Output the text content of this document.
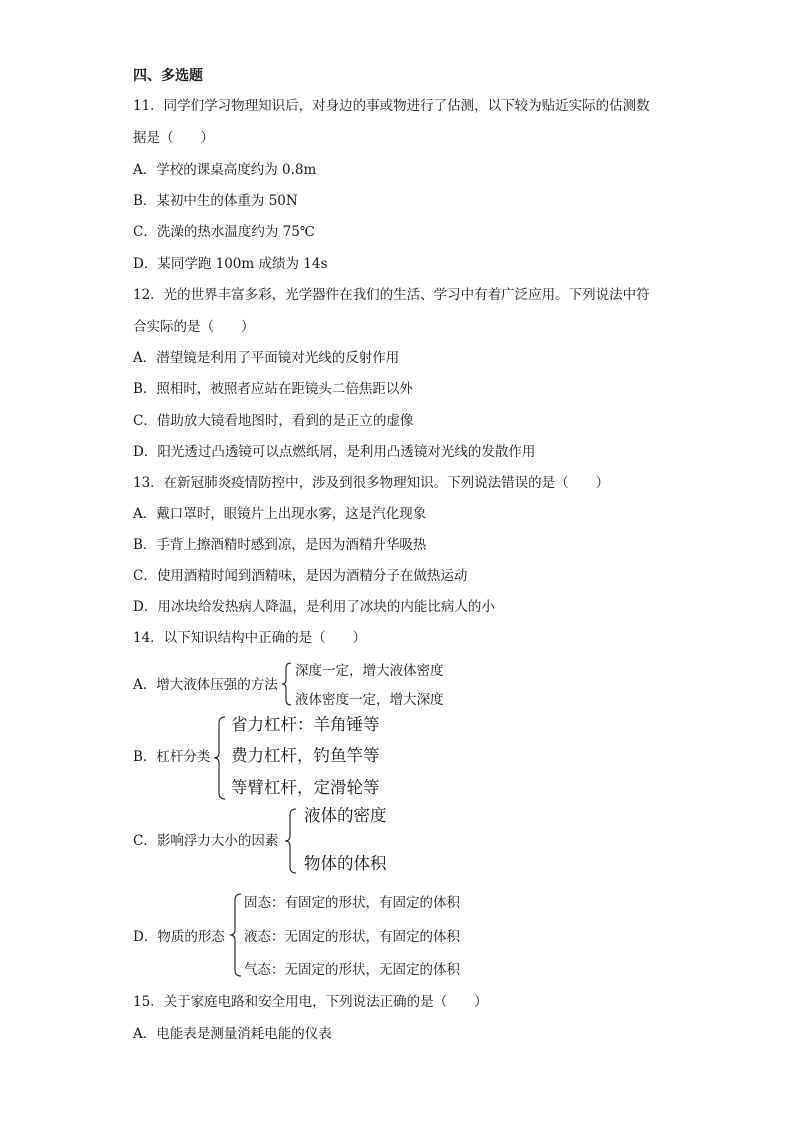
四、多选题
11．同学们学习物理知识后，对身边的事或物进行了估测，以下较为贴近实际的估测数
据是（　　）
A．学校的课桌高度约为 0.8m
B．某初中生的体重为 50N
C．洗澡的热水温度约为 75℃
D．某同学跑 100m 成绩为 14s
12．光的世界丰富多彩，光学器件在我们的生活、学习中有着广泛应用。下列说法中符
合实际的是（　　）
A．潜望镜是利用了平面镜对光线的反射作用
B．照相时，被照者应站在距镜头二倍焦距以外
C．借助放大镜看地图时，看到的是正立的虚像
D．阳光透过凸透镜可以点燃纸屑，是利用凸透镜对光线的发散作用
13．在新冠肺炎疫情防控中，涉及到很多物理知识。下列说法错误的是（　　）
A．戴口罩时，眼镜片上出现水雾，这是汽化现象
B．手背上擦酒精时感到凉，是因为酒精升华吸热
C．使用酒精时闻到酒精味，是因为酒精分子在做热运动
D．用冰块给发热病人降温，是利用了冰块的内能比病人的小
14．以下知识结构中正确的是（　　）
A．增大液体压强的方法
深度一定，增大液体密度
液体密度一定，增大深度
B．杠杆分类
省力杠杆：羊角锤等
费力杠杆，钓鱼竿等
等臂杠杆，定滑轮等
C．影响浮力大小的因素
液体的密度
物体的体积
D．物质的形态
固态：有固定的形状，有固定的体积
液态：无固定的形状，有固定的体积
气态：无固定的形状，无固定的体积
15．关于家庭电路和安全用电，下列说法正确的是（　　）
A．电能表是测量消耗电能的仪表
